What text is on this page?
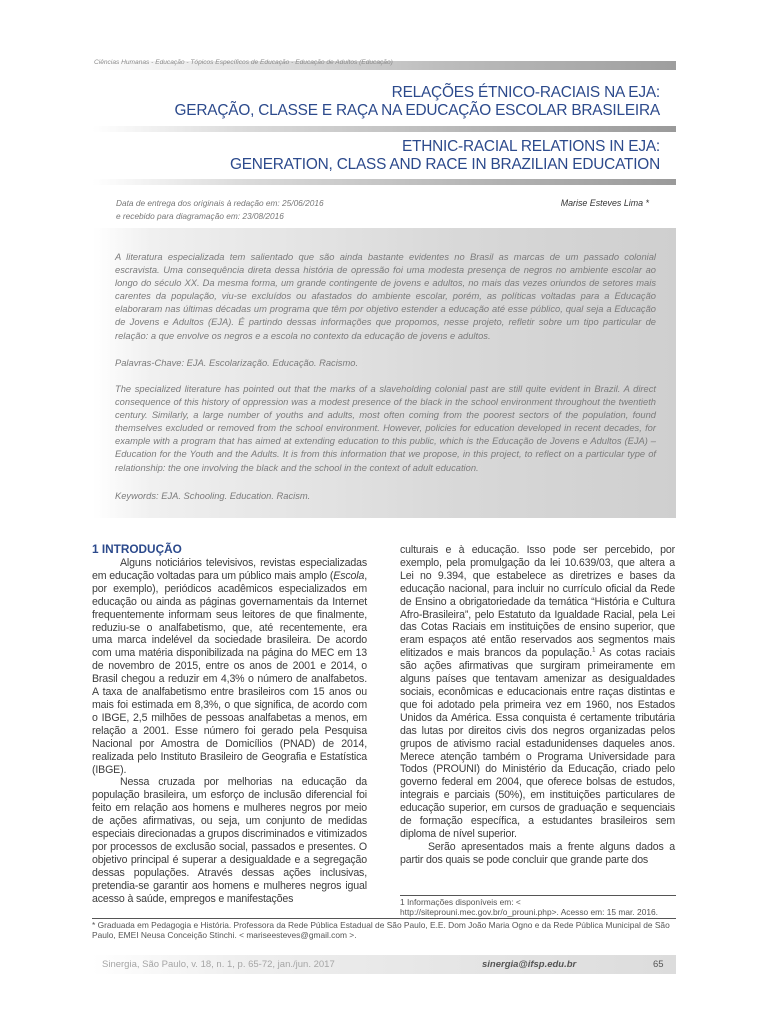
Ciências Humanas - Educação - Tópicos Específicos de Educação - Educação de Adultos (Educação)
RELAÇÕES ÉTNICO-RACIAIS NA EJA:
GERAÇÃO, CLASSE E RAÇA NA EDUCAÇÃO ESCOLAR BRASILEIRA
ETHNIC-RACIAL RELATIONS IN EJA:
GENERATION, CLASS AND RACE IN BRAZILIAN EDUCATION
Data de entrega dos originais à redação em: 25/06/2016
e recebido para diagramação em: 23/08/2016
Marise Esteves Lima *
A literatura especializada tem salientado que são ainda bastante evidentes no Brasil as marcas de um passado colonial escravista. Uma consequência direta dessa história de opressão foi uma modesta presença de negros no ambiente escolar ao longo do século XX. Da mesma forma, um grande contingente de jovens e adultos, no mais das vezes oriundos de setores mais carentes da população, viu-se excluídos ou afastados do ambiente escolar, porém, as políticas voltadas para a Educação elaboraram nas últimas décadas um programa que têm por objetivo estender a educação até esse público, qual seja a Educação de Jovens e Adultos (EJA). É partindo dessas informações que propomos, nesse projeto, refletir sobre um tipo particular de relação: a que envolve os negros e a escola no contexto da educação de jovens e adultos.
Palavras-Chave: EJA. Escolarização. Educação. Racismo.
The specialized literature has pointed out that the marks of a slaveholding colonial past are still quite evident in Brazil. A direct consequence of this history of oppression was a modest presence of the black in the school environment throughout the twentieth century. Similarly, a large number of youths and adults, most often coming from the poorest sectors of the population, found themselves excluded or removed from the school environment. However, policies for education developed in recent decades, for example with a program that has aimed at extending education to this public, which is the Educação de Jovens e Adultos (EJA) – Education for the Youth and the Adults. It is from this information that we propose, in this project, to reflect on a particular type of relationship: the one involving the black and the school in the context of adult education.
Keywords: EJA. Schooling. Education. Racism.
1 INTRODUÇÃO

Alguns noticiários televisivos, revistas especializadas em educação voltadas para um público mais amplo (Escola, por exemplo), periódicos acadêmicos especializados em educação ou ainda as páginas governamentais da Internet frequentemente informam seus leitores de que finalmente, reduziu-se o analfabetismo, que, até recentemente, era uma marca indelével da sociedade brasileira. De acordo com uma matéria disponibilizada na página do MEC em 13 de novembro de 2015, entre os anos de 2001 e 2014, o Brasil chegou a reduzir em 4,3% o número de analfabetos. A taxa de analfabetismo entre brasileiros com 15 anos ou mais foi estimada em 8,3%, o que significa, de acordo com o IBGE, 2,5 milhões de pessoas analfabetas a menos, em relação a 2001. Esse número foi gerado pela Pesquisa Nacional por Amostra de Domicílios (PNAD) de 2014, realizada pelo Instituto Brasileiro de Geografia e Estatística (IBGE).

Nessa cruzada por melhorias na educação da população brasileira, um esforço de inclusão diferencial foi feito em relação aos homens e mulheres negros por meio de ações afirmativas, ou seja, um conjunto de medidas especiais direcionadas a grupos discriminados e vitimizados por processos de exclusão social, passados e presentes. O objetivo principal é superar a desigualdade e a segregação dessas populações. Através dessas ações inclusivas, pretendia-se garantir aos homens e mulheres negros igual acesso à saúde, empregos e manifestações

culturais e à educação. Isso pode ser percebido, por exemplo, pela promulgação da lei 10.639/03, que altera a Lei no 9.394, que estabelece as diretrizes e bases da educação nacional, para incluir no currículo oficial da Rede de Ensino a obrigatoriedade da temática “História e Cultura Afro-Brasileira”, pelo Estatuto da Igualdade Racial, pela Lei das Cotas Raciais em instituições de ensino superior, que eram espaços até então reservados aos segmentos mais elitizados e mais brancos da população.$^1$ As cotas raciais são ações afirmativas que surgiram primeiramente em alguns países que tentavam amenizar as desigualdades sociais, econômicas e educacionais entre raças distintas e que foi adotado pela primeira vez em 1960, nos Estados Unidos da América. Essa conquista é certamente tributária das lutas por direitos civis dos negros organizadas pelos grupos de ativismo racial estadunidenses daqueles anos. Merece atenção também o Programa Universidade para Todos (PROUNI) do Ministério da Educação, criado pelo governo federal em 2004, que oferece bolsas de estudos, integrais e parciais (50%), em instituições particulares de educação superior, em cursos de graduação e sequenciais de formação específica, a estudantes brasileiros sem diploma de nível superior.

Serão apresentados mais a frente alguns dados a partir dos quais se pode concluir que grande parte dos

1 Informações disponíveis em: < http://siteprouni.mec.gov.br/o_prouni.php>. Acesso em: 15 mar. 2016.
* Graduada em Pedagogia e História. Professora da Rede Pública Estadual de São Paulo, E.E. Dom João Maria Ogno e da Rede Pública Municipal de São Paulo, EMEI Neusa Conceição Stinchi. < mariseesteves@gmail.com >.
Sinergia, São Paulo, v. 18, n. 1, p. 65-72, jan./jun. 2017	sinergia@ifsp.edu.br	65
